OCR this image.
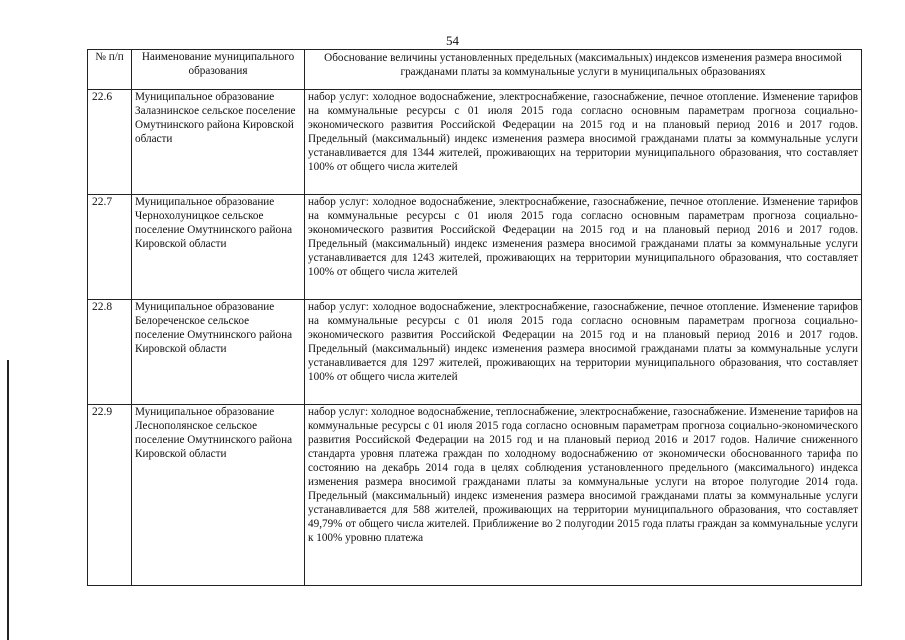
54
№ п/п	Наименование муниципального образования	Обоснование величины установленных предельных (максимальных) индексов изменения размера вносимой гражданами платы за коммунальные услуги в муниципальных образованиях
22.6	Муниципальное образование Залазнинское сельское поселение Омутнинского района Кировской области	набор услуг: холодное водоснабжение, электроснабжение, газоснабжение, печное отопление. Изменение тарифов на коммунальные ресурсы с 01 июля 2015 года согласно основным параметрам прогноза социально-экономического развития Российской Федерации на 2015 год и на плановый период 2016 и 2017 годов. Предельный (максимальный) индекс изменения размера вносимой гражданами платы за коммунальные услуги устанавливается для 1344 жителей, проживающих на территории муниципального образования, что составляет 100% от общего числа жителей
22.7	Муниципальное образование Чернохолуницкое сельское поселение Омутнинского района Кировской области	набор услуг: холодное водоснабжение, электроснабжение, газоснабжение, печное отопление. Изменение тарифов на коммунальные ресурсы с 01 июля 2015 года согласно основным параметрам прогноза социально-экономического развития Российской Федерации на 2015 год и на плановый период 2016 и 2017 годов. Предельный (максимальный) индекс изменения размера вносимой гражданами платы за коммунальные услуги устанавливается для 1243 жителей, проживающих на территории муниципального образования, что составляет 100% от общего числа жителей
22.8	Муниципальное образование Белореченское сельское поселение Омутнинского района Кировской области	набор услуг: холодное водоснабжение, электроснабжение, газоснабжение, печное отопление. Изменение тарифов на коммунальные ресурсы с 01 июля 2015 года согласно основным параметрам прогноза социально-экономического развития Российской Федерации на 2015 год и на плановый период 2016 и 2017 годов. Предельный (максимальный) индекс изменения размера вносимой гражданами платы за коммунальные услуги устанавливается для 1297 жителей, проживающих на территории муниципального образования, что составляет 100% от общего числа жителей
22.9	Муниципальное образование Леснополянское сельское поселение Омутнинского района Кировской области	набор услуг: холодное водоснабжение, теплоснабжение, электроснабжение, газоснабжение. Изменение тарифов на коммунальные ресурсы с 01 июля 2015 года согласно основным параметрам прогноза социально-экономического развития Российской Федерации на 2015 год и на плановый период 2016 и 2017 годов. Наличие сниженного стандарта уровня платежа граждан по холодному водоснабжению от экономически обоснованного тарифа по состоянию на декабрь 2014 года в целях соблюдения установленного предельного (максимального) индекса изменения размера вносимой гражданами платы за коммунальные услуги на второе полугодие 2014 года. Предельный (максимальный) индекс изменения размера вносимой гражданами платы за коммунальные услуги устанавливается для 588 жителей, проживающих на территории муниципального образования, что составляет 49,79% от общего числа жителей. Приближение во 2 полугодии 2015 года платы граждан за коммунальные услуги к 100% уровню платежа
